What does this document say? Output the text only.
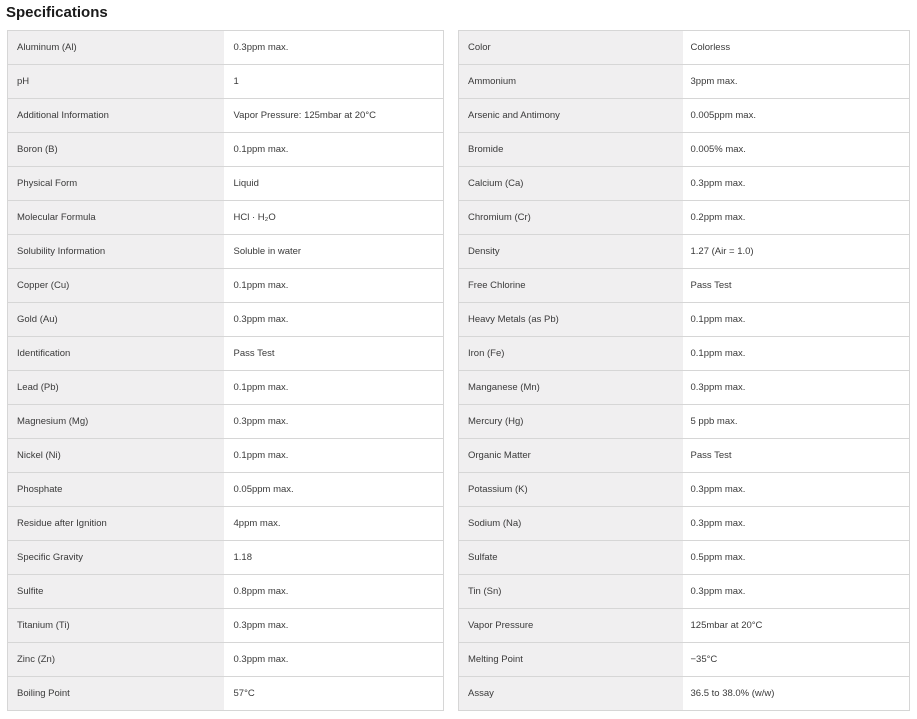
Specifications
Aluminum (Al)	0.3ppm max.
pH	1
Additional Information	Vapor Pressure: 125mbar at 20°C
Boron (B)	0.1ppm max.
Physical Form	Liquid
Molecular Formula	HCl · H₂O
Solubility Information	Soluble in water
Copper (Cu)	0.1ppm max.
Gold (Au)	0.3ppm max.
Identification	Pass Test
Lead (Pb)	0.1ppm max.
Magnesium (Mg)	0.3ppm max.
Nickel (Ni)	0.1ppm max.
Phosphate	0.05ppm max.
Residue after Ignition	4ppm max.
Specific Gravity	1.18
Sulfite	0.8ppm max.
Titanium (Ti)	0.3ppm max.
Zinc (Zn)	0.3ppm max.
Boiling Point	57°C
Color	Colorless
Ammonium	3ppm max.
Arsenic and Antimony	0.005ppm max.
Bromide	0.005% max.
Calcium (Ca)	0.3ppm max.
Chromium (Cr)	0.2ppm max.
Density	1.27 (Air = 1.0)
Free Chlorine	Pass Test
Heavy Metals (as Pb)	0.1ppm max.
Iron (Fe)	0.1ppm max.
Manganese (Mn)	0.3ppm max.
Mercury (Hg)	5 ppb max.
Organic Matter	Pass Test
Potassium (K)	0.3ppm max.
Sodium (Na)	0.3ppm max.
Sulfate	0.5ppm max.
Tin (Sn)	0.3ppm max.
Vapor Pressure	125mbar at 20°C
Melting Point	−35°C
Assay	36.5 to 38.0% (w/w)
